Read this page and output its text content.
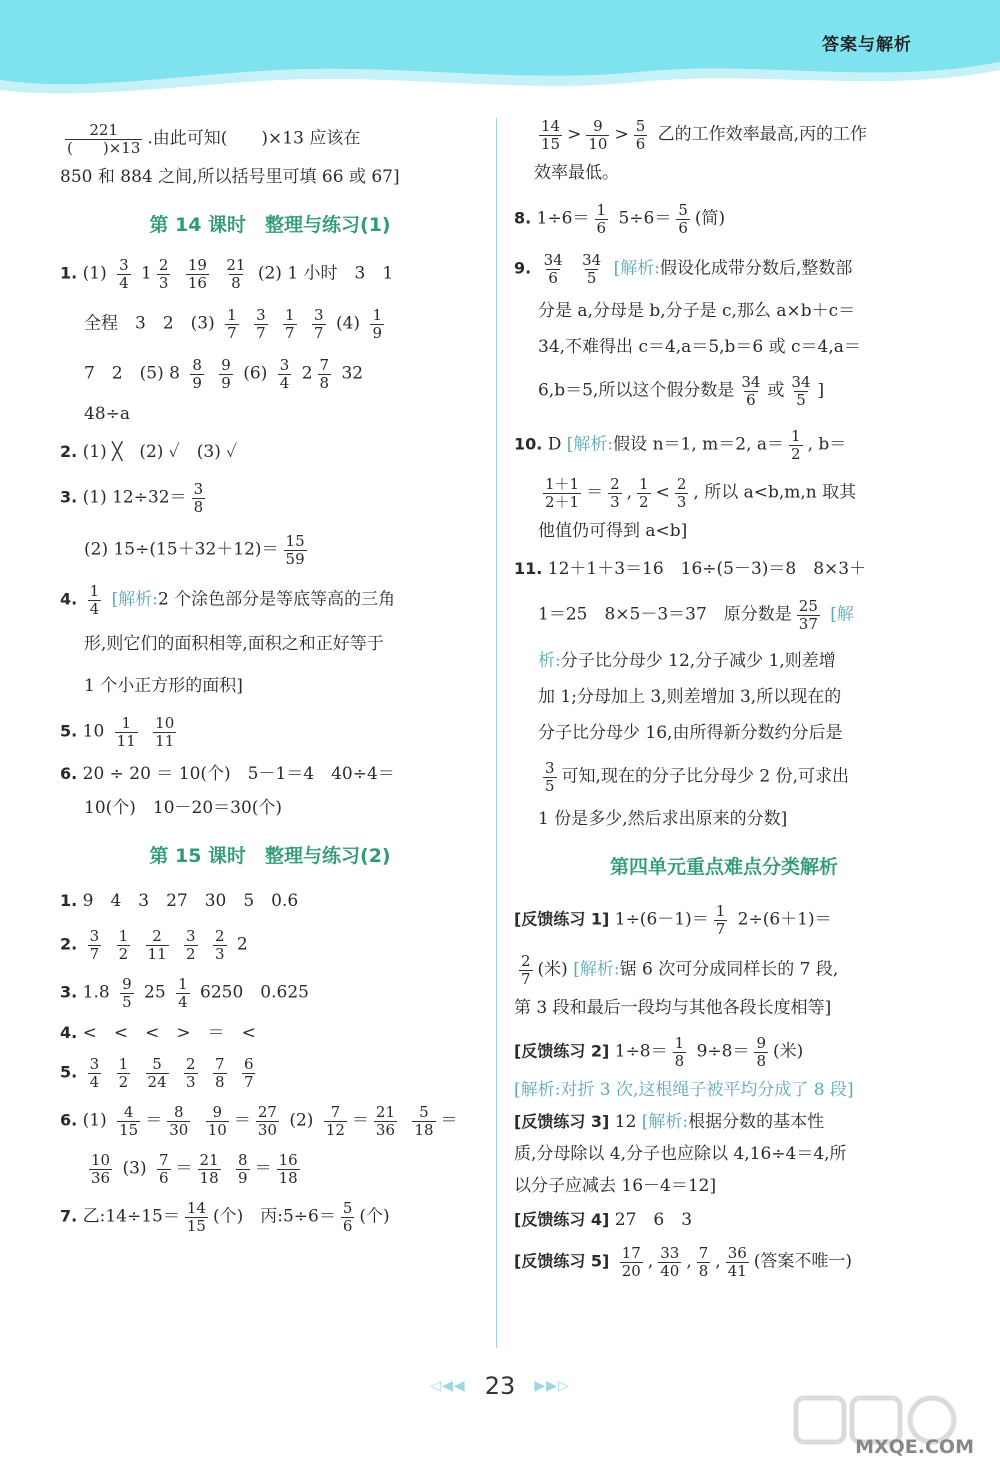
答案与解析
$\frac{221}{( )\times 13}$ .由此可知(　　)×13 应该在
850 和 884 之间,所以括号里可填 66 或 67]
第 14 课时　整理与练习(1)
1. $(1) \frac{3}{4} 1 \frac{2}{3}$
$\frac{19}{16}$
$\frac{21}{8} (2)$ 1 小时　3　1
全程　3　2　$(3) \frac{1}{7}$
$\frac{3}{7}$
$\frac{1}{7}$
$\frac{3}{7} (4) \frac{1}{9}$
7　2　(5) $8 \frac{8}{9}$
$\frac{9}{9} (6) \frac{3}{4} 2 \frac{7}{8} 32$
48÷a
2. (1) ╳　(2) ✓　(3) ✓
3. (1) $12\div 32= \frac{3}{8}$
(2) $15\div(15+32+12)= \frac{15}{59}$
4. $\frac{1}{4}$ [解析:2 个涂色部分是等底等高的三角
形,则它们的面积相等,面积之和正好等于
1 个小正方形的面积]
5. $10 \frac{1}{11}$
$\frac{10}{11}$
6. 20 ÷ 20 ＝ 10(个)　5－1＝4　40÷4＝
10(个)　10－20＝30(个)
第 15 课时　整理与练习(2)
1. 9　4　3　27　30　5　0.6
2. $\frac{3}{7}$
$\frac{1}{2}$
$\frac{2}{11}$
$\frac{3}{2}$
$\frac{2}{3} 2$
3. $1.8 \frac{9}{5} 25 \frac{1}{4} 6250$　0.625
4. <　<　<　>　＝　<
5. $\frac{3}{4}$
$\frac{1}{2}$
$\frac{5}{24}$
$\frac{2}{3}$
$\frac{7}{8}$
$\frac{6}{7}$
6. $(1) \frac{4}{15} = \frac{8}{30}$
$\frac{9}{10} = \frac{27}{30} (2) \frac{7}{12} = \frac{21}{36}$
$\frac{5}{18}$ ＝
$\frac{10}{36} (3) \frac{7}{6} = \frac{21}{18}$
$\frac{8}{9} = \frac{16}{18}$
7. 乙:14÷15＝ $\frac{14}{15}$ (个)　丙:5÷6＝ $\frac{5}{6}$ (个)
$\frac{14}{15} > \frac{9}{10} > \frac{5}{6}$ 乙的工作效率最高,丙的工作
效率最低。
8. $1\div 6= \frac{1}{6} 5\div 6= \frac{5}{6}$ (简)
9. $\frac{34}{6}$
$\frac{34}{5}$ [解析:假设化成带分数后,整数部
分是 a,分母是 b,分子是 c,那么 a×b＋c＝
34,不难得出 c＝4,a＝5,b＝6 或 c＝4,a＝
6,b＝5,所以这个假分数是 $\frac{34}{6}$ 或 $\frac{34}{5}$ ]
10. D [解析:假设 n＝1, m＝2, $a= \frac{1}{2}$ , b＝
$\frac{1+1}{2+1} = \frac{2}{3}$ , $\frac{1}{2} < \frac{2}{3}$ , 所以 a<b,m,n 取其
他值仍可得到 a<b]
11. 12＋1＋3＝16　16÷(5－3)＝8　8×3＋
1＝25　8×5－3＝37　原分数是 $\frac{25}{37}$ [解
析:分子比分母少 12,分子减少 1,则差增
加 1;分母加上 3,则差增加 3,所以现在的
分子比分母少 16,由所得新分数约分后是
$\frac{3}{5}$ 可知,现在的分子比分母少 2 份,可求出
1 份是多少,然后求出原来的分数]
第四单元重点难点分类解析
[反馈练习 1] $1\div(6-1)= \frac{1}{7} 2\div(6+1)=$
$\frac{2}{7}$ (米) [解析:锯 6 次可分成同样长的 7 段,
第 3 段和最后一段均与其他各段长度相等]
[反馈练习 2] $1\div 8= \frac{1}{8} 9\div 8= \frac{9}{8}$ (米)
[解析:对折 3 次,这根绳子被平均分成了 8 段]
[反馈练习 3] 12 [解析:根据分数的基本性
质,分母除以 4,分子也应除以 4,16÷4＝4,所
以分子应减去 16－4＝12]
[反馈练习 4] 27　6　3
[反馈练习 $5] \frac{17}{20}$ , $\frac{33}{40}$ , $\frac{7}{8}$ , $\frac{36}{41}$ (答案不唯一)
◁◀◀ 23 ▶▶▷
MXQE.COM
